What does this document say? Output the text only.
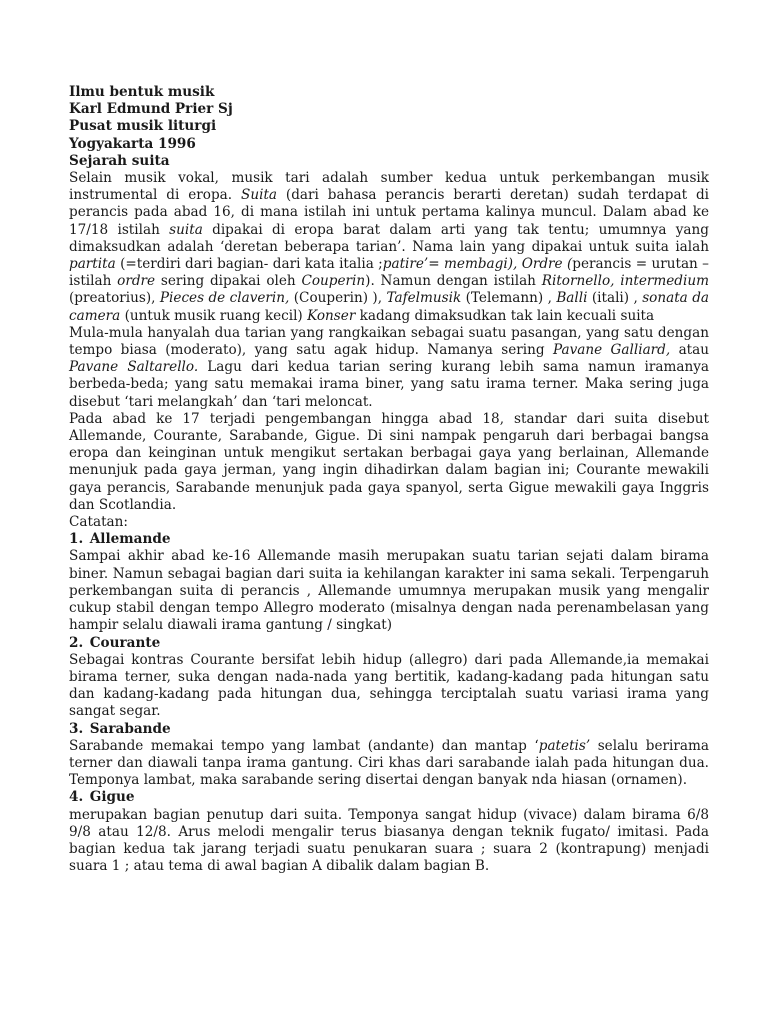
Ilmu bentuk musik
Karl Edmund Prier Sj
Pusat musik liturgi
Yogyakarta 1996
Sejarah suita

Selain musik vokal, musik tari adalah sumber kedua untuk perkembangan musik instrumental di eropa. Suita (dari bahasa perancis berarti deretan) sudah terdapat di perancis pada abad 16, di mana istilah ini untuk pertama kalinya muncul. Dalam abad ke 17/18 istilah suita dipakai di eropa barat dalam arti yang tak tentu; umumnya yang dimaksudkan adalah ‘deretan beberapa tarian’. Nama lain yang dipakai untuk suita ialah partita (=terdiri dari bagian- dari kata italia ;patire’= membagi), Ordre (perancis = urutan – istilah ordre sering dipakai oleh Couperin). Namun dengan istilah Ritornello, intermedium (preatorius), Pieces de claverin, (Couperin) ), Tafelmusik (Telemann) , Balli (itali) , sonata da camera (untuk musik ruang kecil) Konser kadang dimaksudkan tak lain kecuali suita

Mula-mula hanyalah dua tarian yang rangkaikan sebagai suatu pasangan, yang satu dengan tempo biasa (moderato), yang satu agak hidup. Namanya sering Pavane Galliard, atau Pavane Saltarello. Lagu dari kedua tarian sering kurang lebih sama namun iramanya berbeda-beda; yang satu memakai irama biner, yang satu irama terner. Maka sering juga disebut ‘tari melangkah’ dan ‘tari meloncat.

Pada abad ke 17 terjadi pengembangan hingga abad 18, standar dari suita disebut Allemande, Courante, Sarabande, Gigue. Di sini nampak pengaruh dari berbagai bangsa eropa dan keinginan untuk mengikut sertakan berbagai gaya yang berlainan, Allemande menunjuk pada gaya jerman, yang ingin dihadirkan dalam bagian ini; Courante mewakili gaya perancis, Sarabande menunjuk pada gaya spanyol, serta Gigue mewakili gaya Inggris dan Scotlandia.

Catatan:

1. Allemande

Sampai akhir abad ke-16 Allemande masih merupakan suatu tarian sejati dalam birama biner. Namun sebagai bagian dari suita ia kehilangan karakter ini sama sekali. Terpengaruh perkembangan suita di perancis , Allemande umumnya merupakan musik yang mengalir cukup stabil dengan tempo Allegro moderato (misalnya dengan nada perenambelasan yang hampir selalu diawali irama gantung / singkat)

2. Courante

Sebagai kontras Courante bersifat lebih hidup (allegro) dari pada Allemande,ia memakai birama terner, suka dengan nada-nada yang bertitik, kadang-kadang pada hitungan satu dan kadang-kadang pada hitungan dua, sehingga terciptalah suatu variasi irama yang sangat segar.

3. Sarabande

Sarabande memakai tempo yang lambat (andante) dan mantap ‘patetis’ selalu berirama terner dan diawali tanpa irama gantung. Ciri khas dari sarabande ialah pada hitungan dua. Temponya lambat, maka sarabande sering disertai dengan banyak nda hiasan (ornamen).

4. Gigue

merupakan bagian penutup dari suita. Temponya sangat hidup (vivace) dalam birama 6/8 9/8 atau 12/8. Arus melodi mengalir terus biasanya dengan teknik fugato/ imitasi. Pada bagian kedua tak jarang terjadi suatu penukaran suara ; suara 2 (kontrapung) menjadi suara 1 ; atau tema di awal bagian A dibalik dalam bagian B.
